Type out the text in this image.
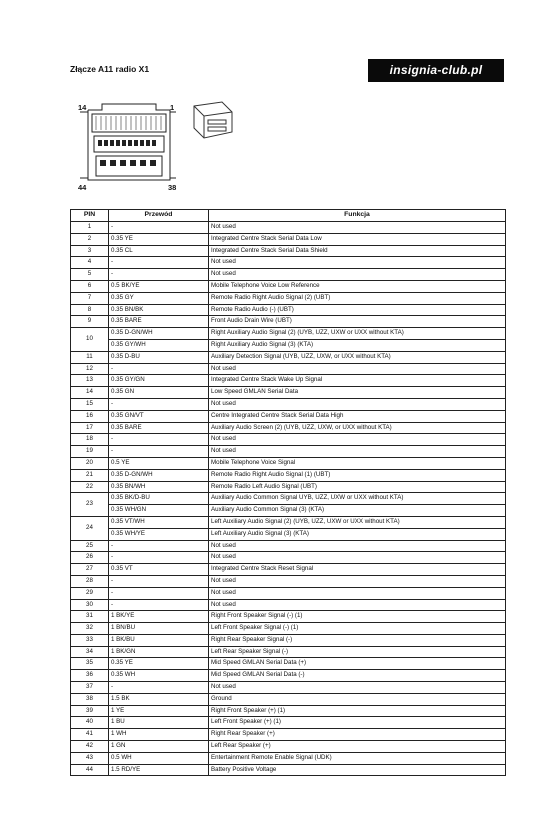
Złącze A11 radio X1	insignia-club.pl
14	1
44	38
PIN	Przewód	Funkcja
1	-	Not used
2	0.35 YE	Integrated Centre Stack Serial Data Low
3	0.35 CL	Integrated Centre Stack Serial Data Shield
4	-	Not used
5	-	Not used
6	0.5 BK/YE	Mobile Telephone Voice Low Reference
7	0.35 GY	Remote Radio Right Audio Signal (2) (UBT)
8	0.35 BN/BK	Remote Radio Audio (-) (UBT)
9	0.35 BARE	Front Audio Drain Wire (UBT)
10	0.35 D-GN/WH	Right Auxiliary Audio Signal (2) (UYB, UZZ, UXW or UXX without KTA)
	0.35 GY/WH	Right Auxiliary Audio Signal (3) (KTA)
11	0.35 D-BU	Auxiliary Detection Signal (UYB, UZZ, UXW, or UXX without KTA)
12	-	Not used
13	0.35 GY/GN	Integrated Centre Stack Wake Up Signal
14	0.35 GN	Low Speed GMLAN Serial Data
15	-	Not used
16	0.35 GN/VT	Centre Integrated Centre Stack Serial Data High
17	0.35 BARE	Auxiliary Audio Screen (2) (UYB, UZZ, UXW, or UXX without KTA)
18	-	Not used
19	-	Not used
20	0.5 YE	Mobile Telephone Voice Signal
21	0.35 D-GN/WH	Remote Radio Right Audio Signal (1) (UBT)
22	0.35 BN/WH	Remote Radio Left Audio Signal (UBT)
23	0.35 BK/D-BU	Auxiliary Audio Common Signal UYB, UZZ, UXW or UXX without KTA)
	0.35 WH/GN	Auxiliary Audio Common Signal (3) (KTA)
24	0.35 VT/WH	Left Auxiliary Audio Signal (2) (UYB, UZZ, UXW or UXX without KTA)
	0.35 WH/YE	Left Auxiliary Audio Signal (3) (KTA)
25	-	Not used
26	-	Not used
27	0.35 VT	Integrated Centre Stack Reset Signal
28	-	Not used
29	-	Not used
30	-	Not used
31	1 BK/YE	Right Front Speaker Signal (-) (1)
32	1 BN/BU	Left Front Speaker Signal (-) (1)
33	1 BK/BU	Right Rear Speaker Signal (-)
34	1 BK/GN	Left Rear Speaker Signal (-)
35	0.35 YE	Mid Speed GMLAN Serial Data (+)
36	0.35 WH	Mid Speed GMLAN Serial Data (-)
37	-	Not used
38	1.5 BK	Ground
39	1 YE	Right Front Speaker (+) (1)
40	1 BU	Left Front Speaker (+) (1)
41	1 WH	Right Rear Speaker (+)
42	1 GN	Left Rear Speaker (+)
43	0.5 WH	Entertainment Remote Enable Signal (UDK)
44	1.5 RD/YE	Battery Positive Voltage
